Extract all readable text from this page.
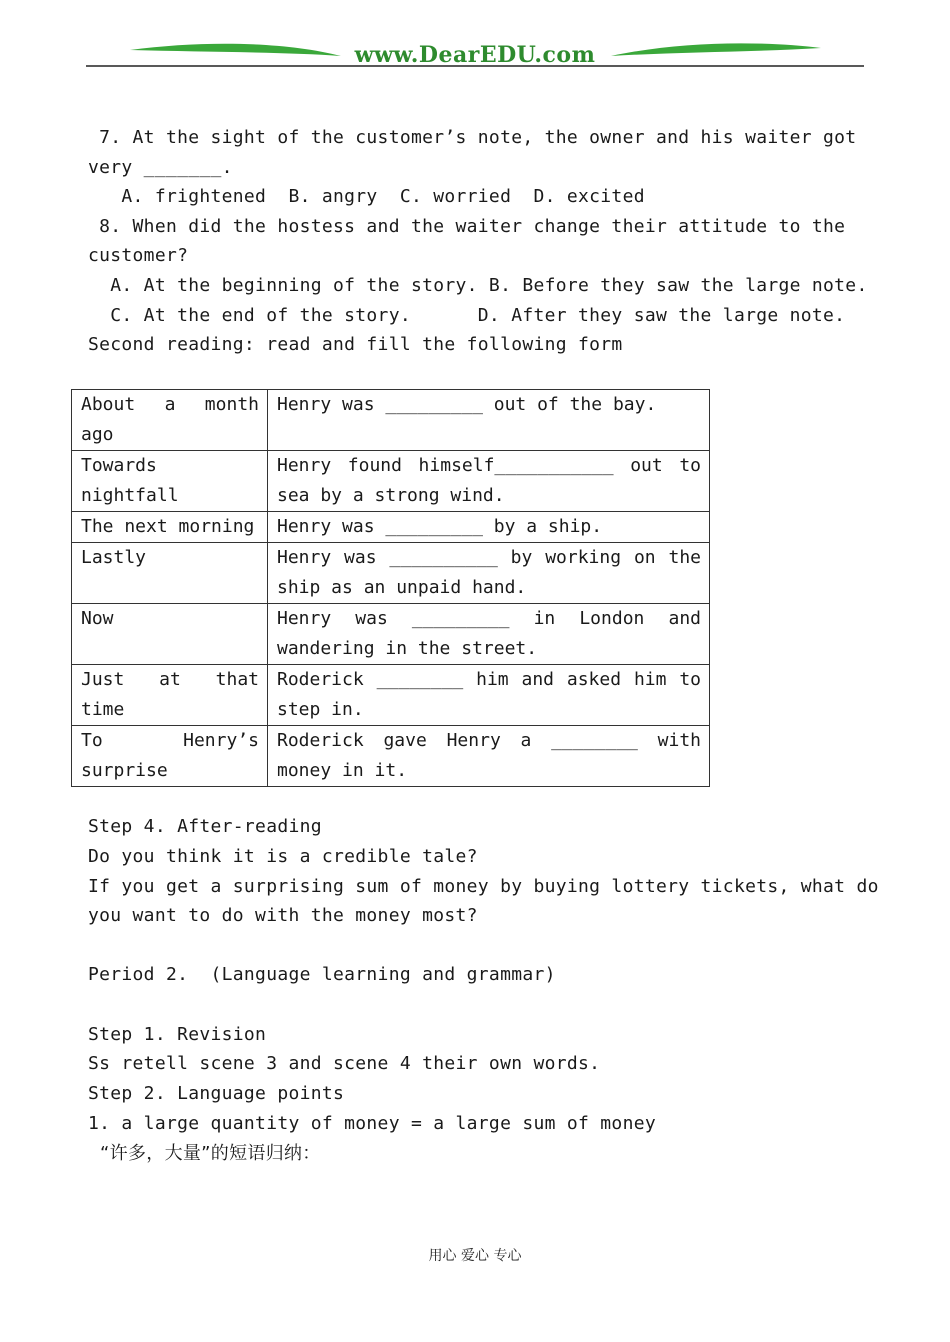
www.DearEDU.com
7. At the sight of the customer’s note, the owner and his waiter got
very _______.
A. frightened  B. angry  C. worried  D. excited
8. When did the hostess and the waiter change their attitude to the
customer?
A. At the beginning of the story. B. Before they saw the large note.
C. At the end of the story.      D. After they saw the large note.
Second reading: read and fill the following form
About a month ago	Henry was _________ out of the bay.
Towards nightfall	Henry found himself___________ out to sea by a strong wind.
The next morning	Henry was _________ by a ship.
Lastly	Henry was __________ by working on the ship as an unpaid hand.
Now	Henry was _________ in London and wandering in the street.
Just at that time	Roderick ________ him and asked him to step in.
To Henry’s surprise	Roderick gave Henry a ________ with money in it.
Step 4. After-reading
Do you think it is a credible tale?
If you get a surprising sum of money by buying lottery tickets, what do
you want to do with the money most?
Period 2.  (Language learning and grammar)
Step 1. Revision
Ss retell scene 3 and scene 4 their own words.
Step 2. Language points
1. a large quantity of money = a large sum of money
“许多，大量”的短语归纳：
用心 爱心 专心
